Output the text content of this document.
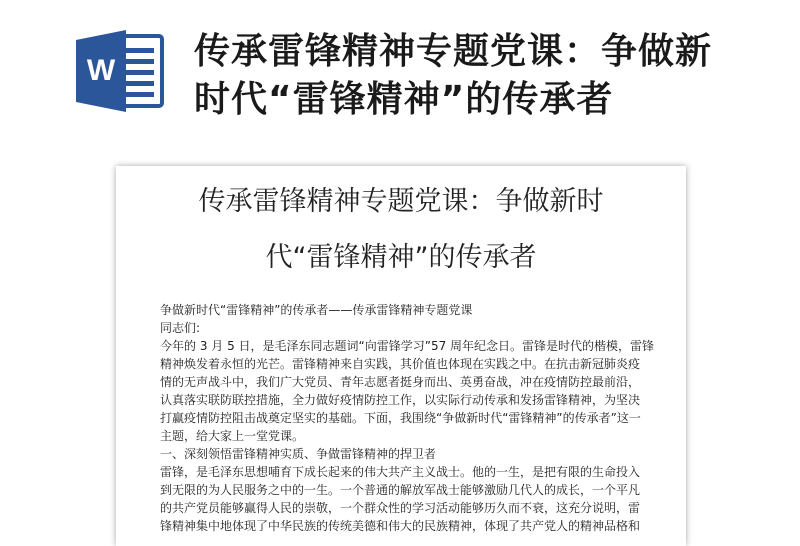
W 传承雷锋精神专题党课：争做新
时代“雷锋精神”的传承者
传承雷锋精神专题党课：争做新时
代“雷锋精神”的传承者
争做新时代“雷锋精神”的传承者——传承雷锋精神专题党课
同志们:
今年的 3 月 5 日，是毛泽东同志题词“向雷锋学习”57 周年纪念日。雷锋是时代的楷模，雷锋
精神焕发着永恒的光芒。雷锋精神来自实践，其价值也体现在实践之中。在抗击新冠肺炎疫
情的无声战斗中，我们广大党员、青年志愿者挺身而出、英勇奋战，冲在疫情防控最前沿，
认真落实联防联控措施，全力做好疫情防控工作，以实际行动传承和发扬雷锋精神，为坚决
打赢疫情防控阻击战奠定坚实的基础。下面，我围绕“争做新时代“雷锋精神”的传承者”这一
主题，给大家上一堂党课。
一、深刻领悟雷锋精神实质、争做雷锋精神的捍卫者
雷锋，是毛泽东思想哺育下成长起来的伟大共产主义战士。他的一生，是把有限的生命投入
到无限的为人民服务之中的一生。一个普通的解放军战士能够激励几代人的成长，一个平凡
的共产党员能够赢得人民的崇敬，一个群众性的学习活动能够历久而不衰，这充分说明，雷
锋精神集中地体现了中华民族的传统美德和伟大的民族精神，体现了共产党人的精神品格和
